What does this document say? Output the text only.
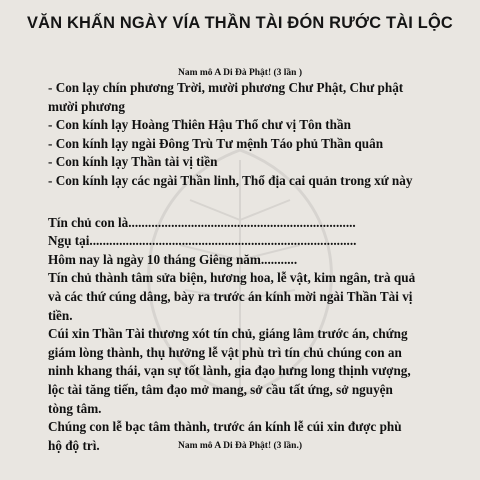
VĂN KHẤN NGÀY VÍA THẦN TÀI ĐÓN RƯỚC TÀI LỘC
Nam mô A Di Đà Phật! (3 lần )
- Con lạy chín phương Trời, mười phương Chư Phật, Chư phật
mười phương
- Con kính lạy Hoàng Thiên Hậu Thổ chư vị Tôn thần
- Con kính lạy ngài Đông Trù Tư mệnh Táo phủ Thần quân
- Con kính lạy Thần tài vị tiền
- Con kính lạy các ngài Thần linh, Thổ địa cai quản trong xứ này
Tín chủ con là.....................................................................
Ngụ tại.................................................................................
Hôm nay là ngày 10 tháng Giêng năm...........
Tín chủ thành tâm sửa biện, hương hoa, lễ vật, kim ngân, trà quả
và các thứ cúng dâng, bày ra trước án kính mời ngài Thần Tài vị
tiền.
Cúi xin Thần Tài thương xót tín chủ, giáng lâm trước án, chứng
giám lòng thành, thụ hưởng lễ vật phù trì tín chủ chúng con an
ninh khang thái, vạn sự tốt lành, gia đạo hưng long thịnh vượng,
lộc tài tăng tiến, tâm đạo mở mang, sở cầu tất ứng, sở nguyện
tòng tâm.
Chúng con lễ bạc tâm thành, trước án kính lễ cúi xin được phù
hộ độ trì.	Nam mô A Di Đà Phật! (3 lần.)
